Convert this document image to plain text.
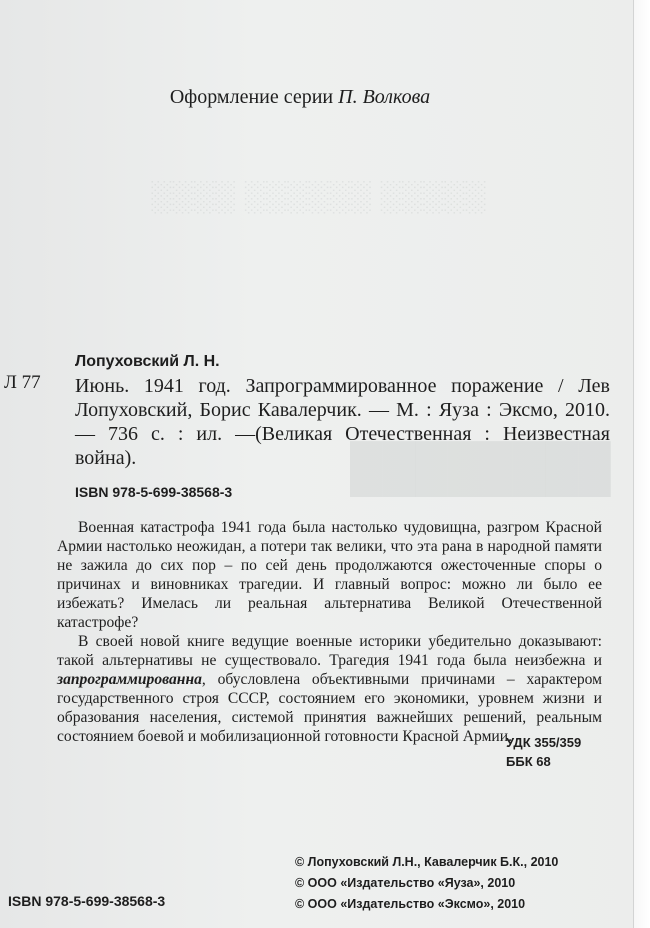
░░░░ ░░░░░░ ░░░░░
████████
Оформление серии П. Волкова
Л 77
Лопуховский Л. Н.
Июнь. 1941 год. Запрограммированное поражение / Лев Лопуховский, Борис Кавалерчик. — М. : Яуза : Эксмо, 2010. — 736 с. : ил. —(Великая Отечественная : Неизвестная война).
ISBN 978-5-699-38568-3

Военная катастрофа 1941 года была настолько чудовищна, разгром Красной Армии настолько неожидан, а потери так велики, что эта рана в народной памяти не зажила до сих пор – по сей день продолжаются ожесточенные споры о причинах и виновниках трагедии. И главный вопрос: можно ли было ее избежать? Имелась ли реальная альтернатива Великой Отечественной катастрофе?

В своей новой книге ведущие военные историки убедительно доказывают: такой альтернативы не существовало. Трагедия 1941 года была неизбежна и запрограммированна, обусловлена объективными причинами – характером государственного строя СССР, состоянием его экономики, уровнем жизни и образования населения, системой принятия важнейших решений, реальным состоянием боевой и мобилизационной готовности Красной Армии.

УДК 355/359
ББК 68
© Лопуховский Л.Н., Кавалерчик Б.К., 2010
© ООО «Издательство «Яуза», 2010
© ООО «Издательство «Эксмо», 2010
ISBN 978-5-699-38568-3
